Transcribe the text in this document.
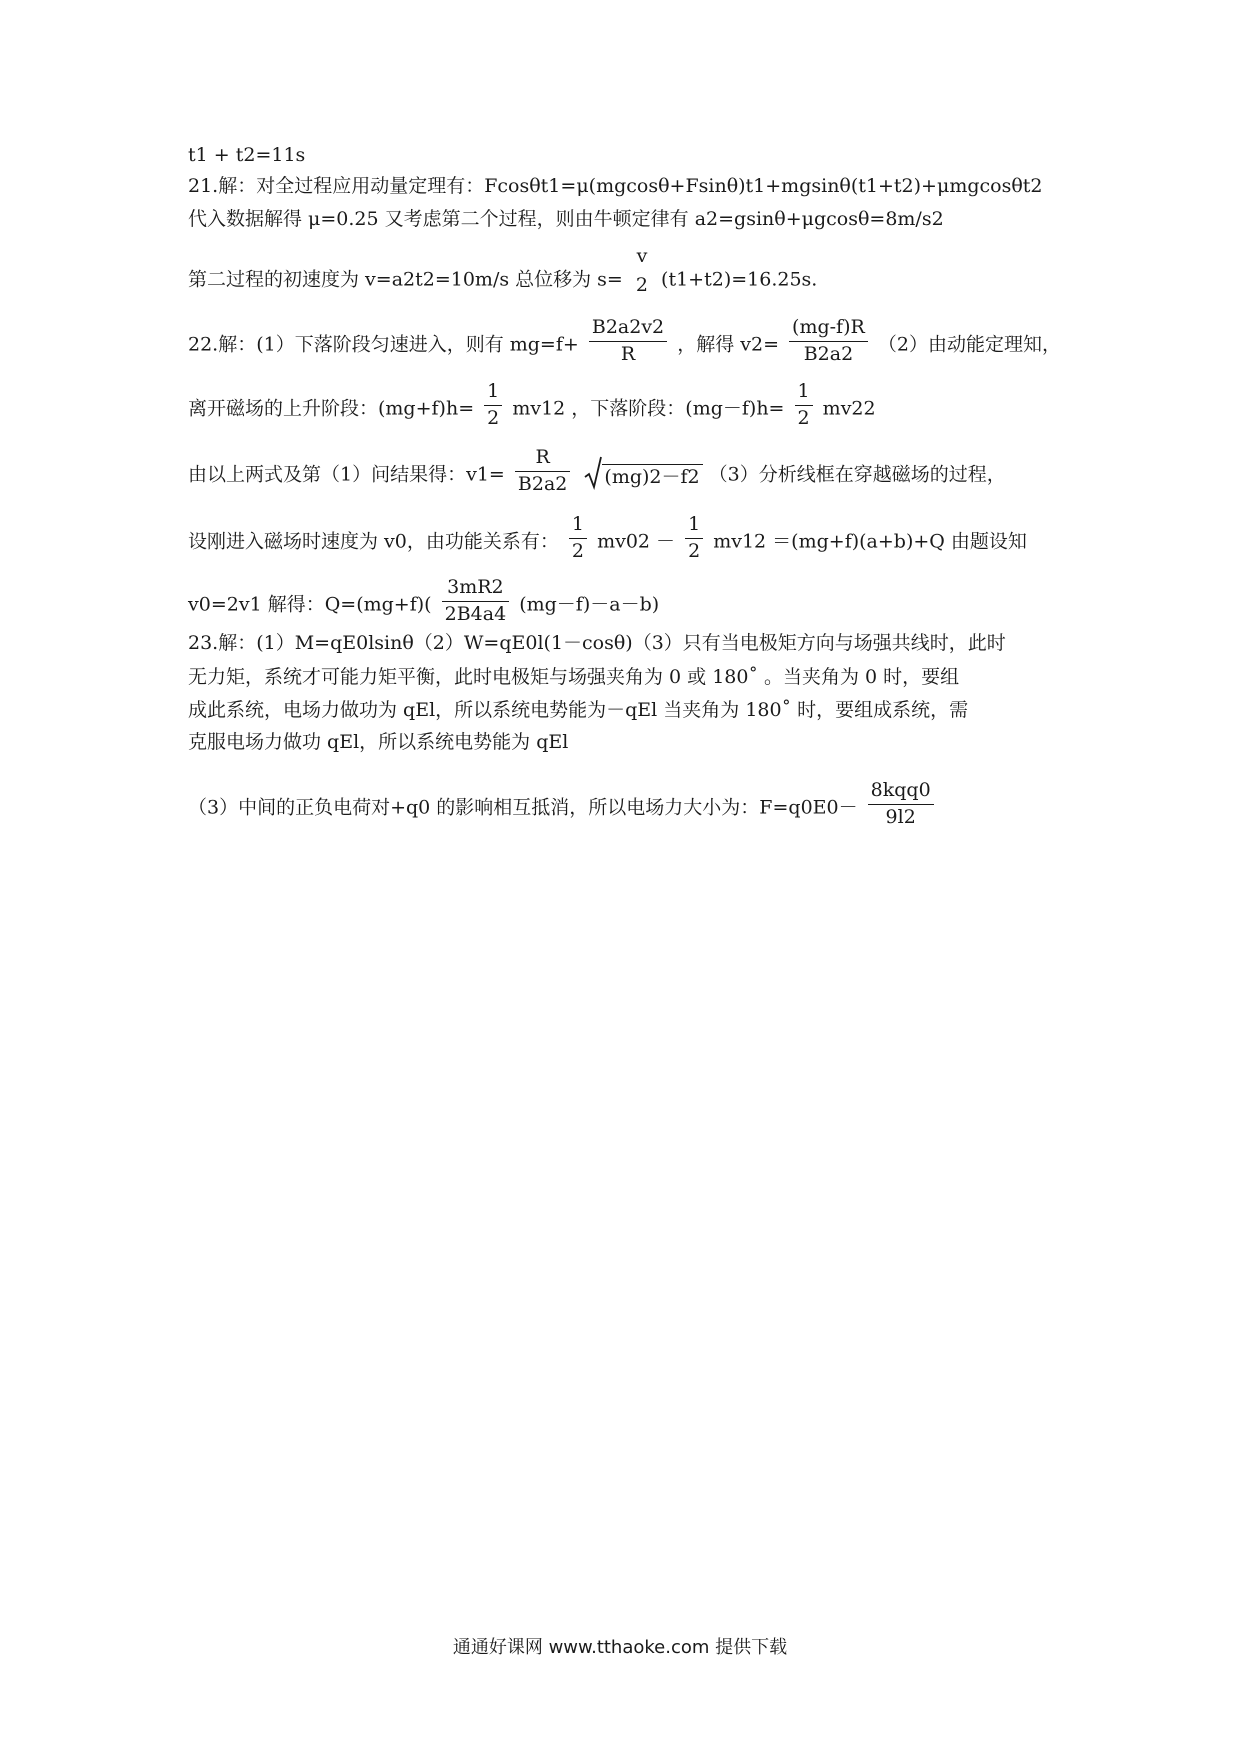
t1 + t2=11s
21.解：对全过程应用动量定理有：Fcosθt1=μ(mgcosθ+Fsinθ)t1+mgsinθ(t1+t2)+μmgcosθt2
代入数据解得 μ=0.25 又考虑第二个过程，则由牛顿定律有 a2=gsinθ+μgcosθ=8m/s2
第二过程的初速度为 v=a2t2=10m/s 总位移为 s=
v
2 (t1+t2)=16.25s.
22.解：(1）下落阶段匀速进入，则有 $mg=f+ \frac{B2a2v2}{R}$ ，解得 $v2= \frac{(mg-f)R}{B2a2} (2)$由动能定理知，
离开磁场的上升阶段：$(mg+f)h= \frac{1}{2} mv12$ ，下落阶段：$(mg-f)h= \frac{1}{2} mv22$
由以上两式及第（1）问结果得：$v1= \frac{R}{B2a2}$
(mg)2－f2 （3）分析线框在穿越磁场的过程，
设刚进入磁场时速度为 v0，由功能关系有： $\frac{1}{2} mv02 - \frac{1}{2} mv12 =(mg+f)(a+b)+Q$ 由题设知
v0=2v1 解得：$Q=(mg+f)( \frac{3mR2}{2B4a4} (mg-f)-a-b)$
23.解：(1）M=qE0lsinθ（2）W=qE0l(1－cosθ)（3）只有当电极矩方向与场强共线时，此时
无力矩，系统才可能力矩平衡，此时电极矩与场强夹角为 0 或 180˚ 。当夹角为 0 时，要组
成此系统，电场力做功为 qEl，所以系统电势能为－qEl 当夹角为 180˚ 时，要组成系统，需
克服电场力做功 qEl，所以系统电势能为 qEl
（3）中间的正负电荷对+q0 的影响相互抵消，所以电场力大小为：$F=q0E0- \frac{\text{8kqq0}}{9l2}$
通通好课网 www.tthaoke.com 提供下载
